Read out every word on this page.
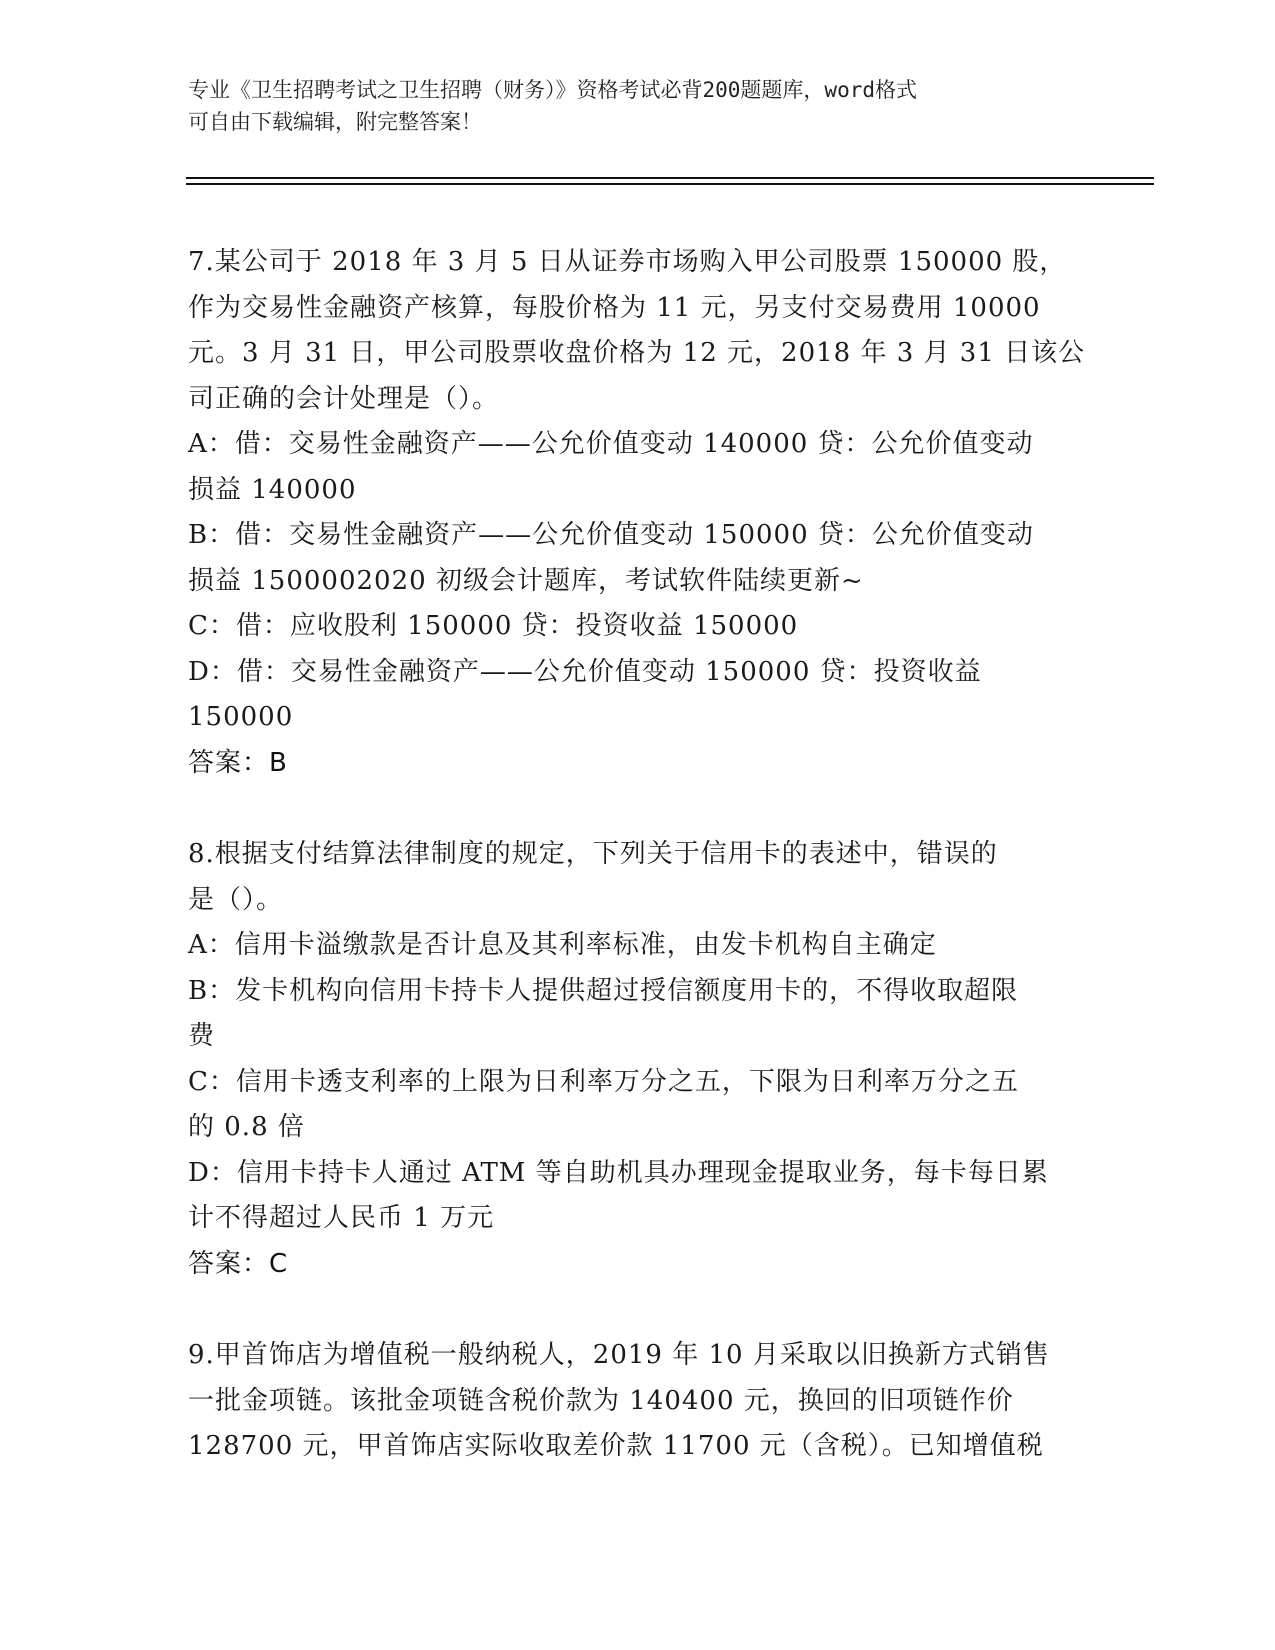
专业《卫生招聘考试之卫生招聘（财务）》资格考试必背200题题库，word格式
可自由下载编辑，附完整答案！
7.某公司于 2018 年 3 月 5 日从证券市场购入甲公司股票 150000 股，
作为交易性金融资产核算，每股价格为 11 元，另支付交易费用 10000
元。3 月 31 日，甲公司股票收盘价格为 12 元，2018 年 3 月 31 日该公
司正确的会计处理是（）。
A：借：交易性金融资产——公允价值变动 140000 贷：公允价值变动
损益 140000
B：借：交易性金融资产——公允价值变动 150000 贷：公允价值变动
损益 1500002020 初级会计题库，考试软件陆续更新~
C：借：应收股利 150000 贷：投资收益 150000
D：借：交易性金融资产——公允价值变动 150000 贷：投资收益
150000
答案：B
8.根据支付结算法律制度的规定，下列关于信用卡的表述中，错误的
是（）。
A：信用卡溢缴款是否计息及其利率标准，由发卡机构自主确定
B：发卡机构向信用卡持卡人提供超过授信额度用卡的，不得收取超限
费
C：信用卡透支利率的上限为日利率万分之五，下限为日利率万分之五
的 0.8 倍
D：信用卡持卡人通过 ATM 等自助机具办理现金提取业务，每卡每日累
计不得超过人民币 1 万元
答案：C
9.甲首饰店为增值税一般纳税人，2019 年 10 月采取以旧换新方式销售
一批金项链。该批金项链含税价款为 140400 元，换回的旧项链作价
128700 元，甲首饰店实际收取差价款 11700 元（含税）。已知增值税
